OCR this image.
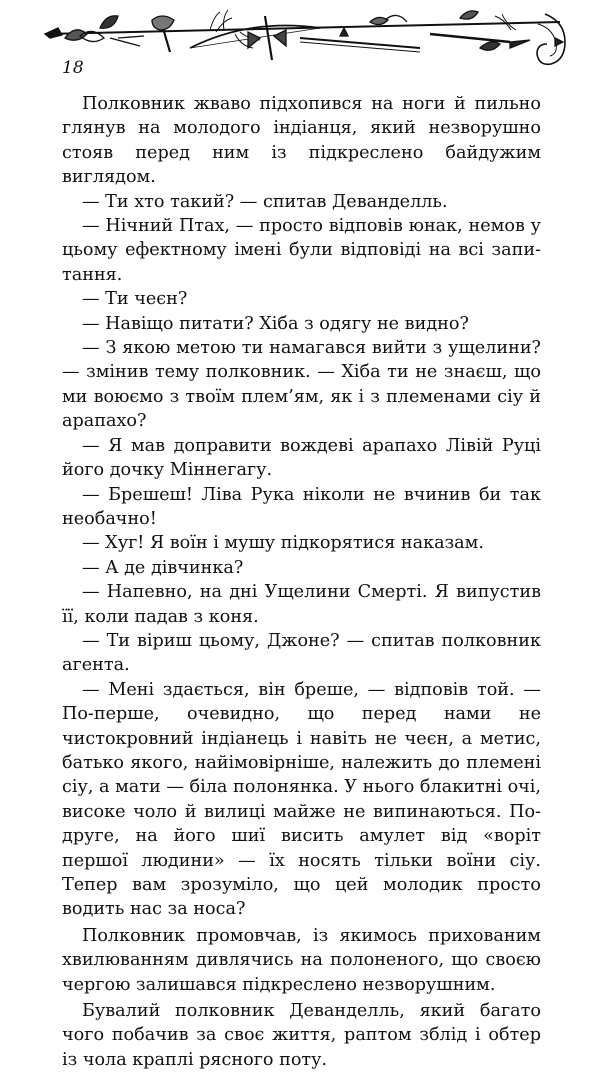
18

Полковник жваво підхопився на ноги й пильно глянув на молодого індіанця, який незворушно стояв перед ним із підкреслено байдужим виглядом.

— Ти хто такий? — спитав Деванделль.

— Нічний Птах, — просто відповів юнак, немов у цьому ефектному імені були відповіді на всі запитання.

— Ти чеєн?

— Навіщо питати? Хіба з одягу не видно?

— З якою метою ти намагався вийти з ущелини? — змінив тему полковник. — Хіба ти не знаєш, що ми воюємо з твоїм плем’ям, як і з племенами сіу й арапахо?

— Я мав доправити вождеві арапахо Лівій Руці його дочку Міннегагу.

— Брешеш! Ліва Рука ніколи не вчинив би так необачно!

— Хуг! Я воїн і мушу підкорятися наказам.

— А де дівчинка?

— Напевно, на дні Ущелини Смерті. Я випустив її, коли падав з коня.

— Ти віриш цьому, Джоне? — спитав полковник агента.

— Мені здається, він бреше, — відповів той. — По-перше, очевидно, що перед нами не чистокровний індіанець і навіть не чеєн, а метис, батько якого, найімовірніше, належить до племені сіу, а мати — біла полонянка. У нього блакитні очі, високе чоло й вилиці майже не випинаються. По-друге, на його шиї висить амулет від «воріт першої людини» — їх носять тільки воїни сіу. Тепер вам зрозуміло, що цей молодик просто водить нас за носа?

Полковник промовчав, із якимось прихованим хвилюванням дивлячись на полоненого, що своєю чергою залишався підкреслено незворушним.

Бувалий полковник Деванделль, який багато чого побачив за своє життя, раптом зблід і обтер із чола краплі рясного поту.
